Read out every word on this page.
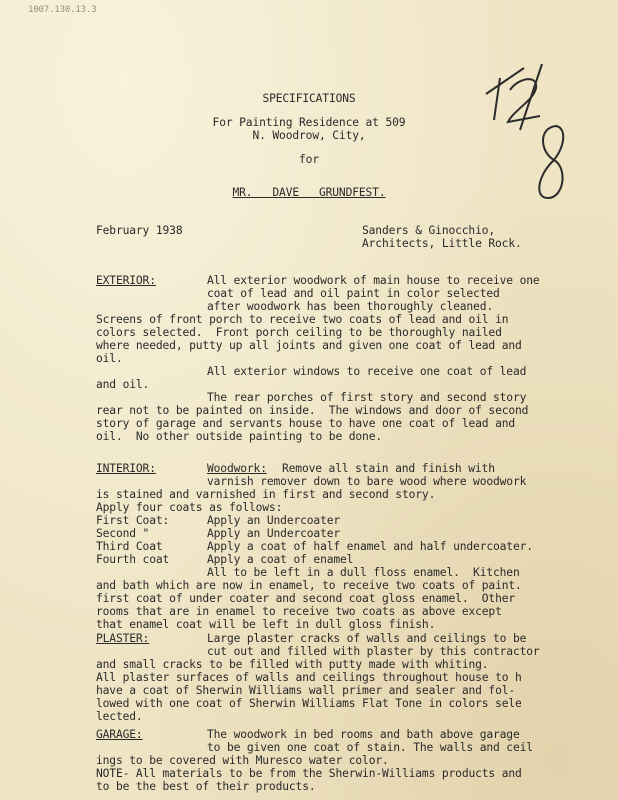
1007.130.13.3
SPECIFICATIONS
For Painting Residence at 509
N. Woodrow, City,
for
MR.   DAVE   GRUNDFEST.
February 1938	Sanders & Ginocchio,
Architects, Little Rock.
EXTERIOR:	All exterior woodwork of main house to receive one
coat of lead and oil paint in color selected
after woodwork has been thoroughly cleaned.
Screens of front porch to receive two coats of lead and oil in
colors selected.  Front porch ceiling to be thoroughly nailed
where needed, putty up all joints and given one coat of lead and
oil.
All exterior windows to receive one coat of lead
and oil.
The rear porches of first story and second story
rear not to be painted on inside.  The windows and door of second
story of garage and servants house to have one coat of lead and
oil.  No other outside painting to be done.
INTERIOR:	Woodwork: Remove all stain and finish with
varnish remover down to bare wood where woodwork
is stained and varnished in first and second story.
Apply four coats as follows:
First Coat:	Apply an Undercoater
Second "	Apply an Undercoater
Third Coat	Apply a coat of half enamel and half undercoater.
Fourth coat	Apply a coat of enamel
All to be left in a dull floss enamel.  Kitchen
and bath which are now in enamel, to receive two coats of paint.
first coat of under coater and second coat gloss enamel.  Other
rooms that are in enamel to receive two coats as above except
that enamel coat will be left in dull gloss finish.
PLASTER:	Large plaster cracks of walls and ceilings to be
cut out and filled with plaster by this contractor
and small cracks to be filled with putty made with whiting.
All plaster surfaces of walls and ceilings throughout house to h
have a coat of Sherwin Williams wall primer and sealer and fol-
lowed with one coat of Sherwin Williams Flat Tone in colors sele
lected.
GARAGE:	The woodwork in bed rooms and bath above garage
to be given one coat of stain. The walls and ceil
ings to be covered with Muresco water color.
NOTE- All materials to be from the Sherwin-Williams products and
to be the best of their products.
